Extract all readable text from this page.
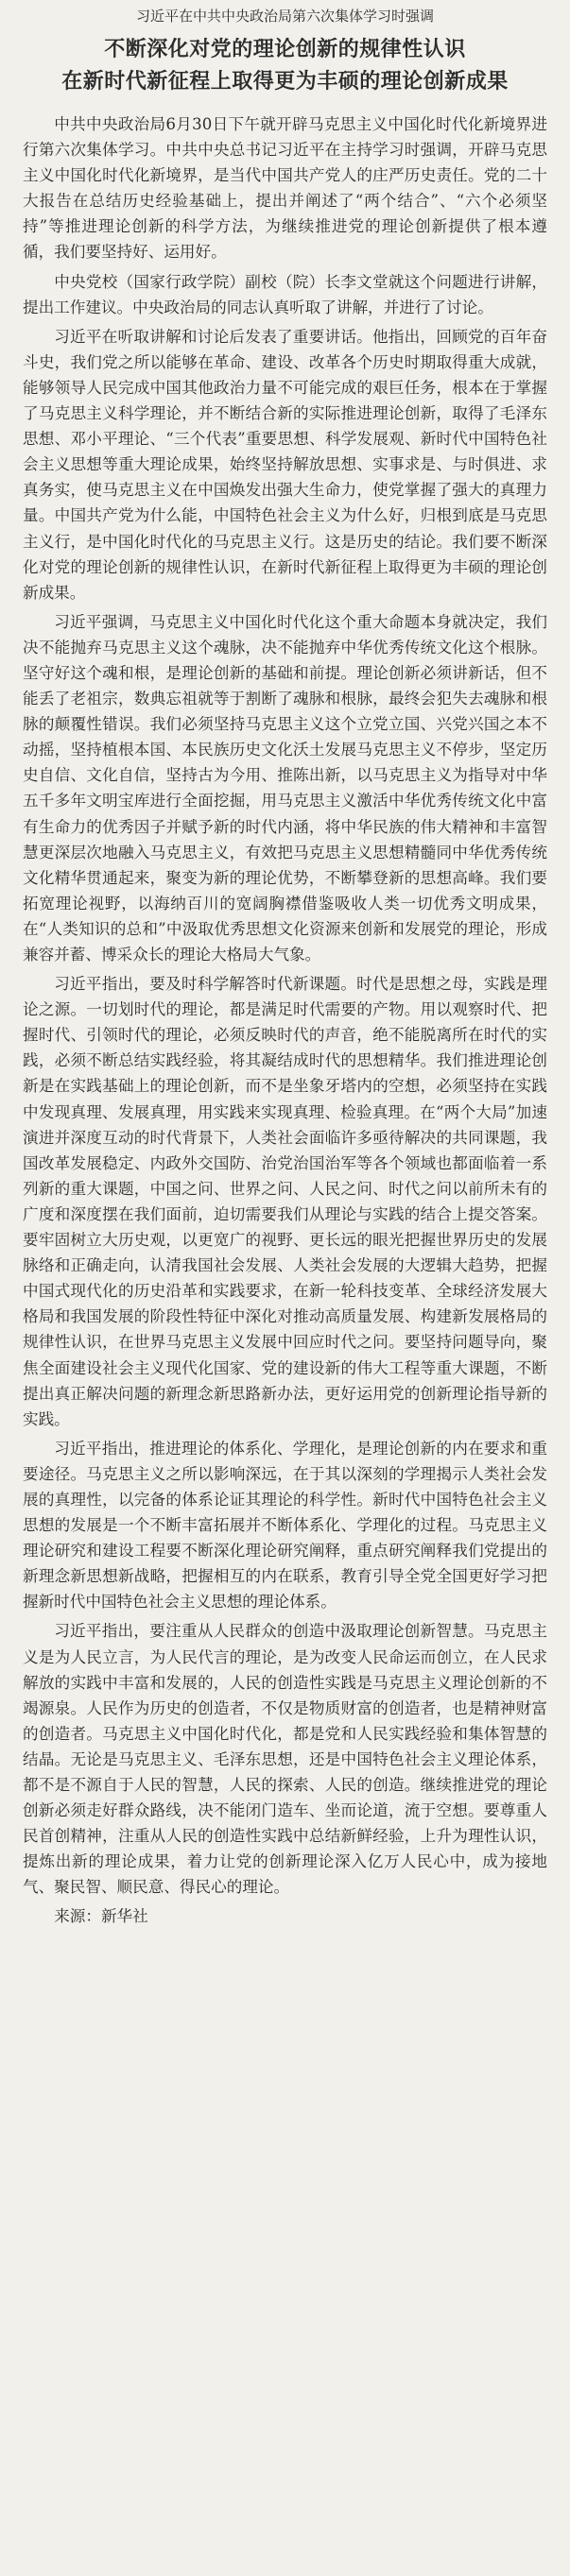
习近平在中共中央政治局第六次集体学习时强调

不断深化对党的理论创新的规律性认识
在新时代新征程上取得更为丰硕的理论创新成果

中共中央政治局6月30日下午就开辟马克思主义中国化时代化新境界进行第六次集体学习。中共中央总书记习近平在主持学习时强调，开辟马克思主义中国化时代化新境界，是当代中国共产党人的庄严历史责任。党的二十大报告在总结历史经验基础上，提出并阐述了“两个结合”、“六个必须坚持”等推进理论创新的科学方法，为继续推进党的理论创新提供了根本遵循，我们要坚持好、运用好。

中央党校（国家行政学院）副校（院）长李文堂就这个问题进行讲解，提出工作建议。中央政治局的同志认真听取了讲解，并进行了讨论。

习近平在听取讲解和讨论后发表了重要讲话。他指出，回顾党的百年奋斗史，我们党之所以能够在革命、建设、改革各个历史时期取得重大成就，能够领导人民完成中国其他政治力量不可能完成的艰巨任务，根本在于掌握了马克思主义科学理论，并不断结合新的实际推进理论创新，取得了毛泽东思想、邓小平理论、“三个代表”重要思想、科学发展观、新时代中国特色社会主义思想等重大理论成果，始终坚持解放思想、实事求是、与时俱进、求真务实，使马克思主义在中国焕发出强大生命力，使党掌握了强大的真理力量。中国共产党为什么能，中国特色社会主义为什么好，归根到底是马克思主义行，是中国化时代化的马克思主义行。这是历史的结论。我们要不断深化对党的理论创新的规律性认识，在新时代新征程上取得更为丰硕的理论创新成果。

习近平强调，马克思主义中国化时代化这个重大命题本身就决定，我们决不能抛弃马克思主义这个魂脉，决不能抛弃中华优秀传统文化这个根脉。坚守好这个魂和根，是理论创新的基础和前提。理论创新必须讲新话，但不能丢了老祖宗，数典忘祖就等于割断了魂脉和根脉，最终会犯失去魂脉和根脉的颠覆性错误。我们必须坚持马克思主义这个立党立国、兴党兴国之本不动摇，坚持植根本国、本民族历史文化沃土发展马克思主义不停步，坚定历史自信、文化自信，坚持古为今用、推陈出新，以马克思主义为指导对中华五千多年文明宝库进行全面挖掘，用马克思主义激活中华优秀传统文化中富有生命力的优秀因子并赋予新的时代内涵，将中华民族的伟大精神和丰富智慧更深层次地融入马克思主义，有效把马克思主义思想精髓同中华优秀传统文化精华贯通起来，聚变为新的理论优势，不断攀登新的思想高峰。我们要拓宽理论视野，以海纳百川的宽阔胸襟借鉴吸收人类一切优秀文明成果，在“人类知识的总和”中汲取优秀思想文化资源来创新和发展党的理论，形成兼容并蓄、博采众长的理论大格局大气象。

习近平指出，要及时科学解答时代新课题。时代是思想之母，实践是理论之源。一切划时代的理论，都是满足时代需要的产物。用以观察时代、把握时代、引领时代的理论，必须反映时代的声音，绝不能脱离所在时代的实践，必须不断总结实践经验，将其凝结成时代的思想精华。我们推进理论创新是在实践基础上的理论创新，而不是坐象牙塔内的空想，必须坚持在实践中发现真理、发展真理，用实践来实现真理、检验真理。在“两个大局”加速演进并深度互动的时代背景下，人类社会面临许多亟待解决的共同课题，我国改革发展稳定、内政外交国防、治党治国治军等各个领域也都面临着一系列新的重大课题，中国之问、世界之问、人民之问、时代之问以前所未有的广度和深度摆在我们面前，迫切需要我们从理论与实践的结合上提交答案。要牢固树立大历史观，以更宽广的视野、更长远的眼光把握世界历史的发展脉络和正确走向，认清我国社会发展、人类社会发展的大逻辑大趋势，把握中国式现代化的历史沿革和实践要求，在新一轮科技变革、全球经济发展大格局和我国发展的阶段性特征中深化对推动高质量发展、构建新发展格局的规律性认识，在世界马克思主义发展中回应时代之问。要坚持问题导向，聚焦全面建设社会主义现代化国家、党的建设新的伟大工程等重大课题，不断提出真正解决问题的新理念新思路新办法，更好运用党的创新理论指导新的实践。

习近平指出，推进理论的体系化、学理化，是理论创新的内在要求和重要途径。马克思主义之所以影响深远，在于其以深刻的学理揭示人类社会发展的真理性，以完备的体系论证其理论的科学性。新时代中国特色社会主义思想的发展是一个不断丰富拓展并不断体系化、学理化的过程。马克思主义理论研究和建设工程要不断深化理论研究阐释，重点研究阐释我们党提出的新理念新思想新战略，把握相互的内在联系，教育引导全党全国更好学习把握新时代中国特色社会主义思想的理论体系。

习近平指出，要注重从人民群众的创造中汲取理论创新智慧。马克思主义是为人民立言，为人民代言的理论，是为改变人民命运而创立，在人民求解放的实践中丰富和发展的，人民的创造性实践是马克思主义理论创新的不竭源泉。人民作为历史的创造者，不仅是物质财富的创造者，也是精神财富的创造者。马克思主义中国化时代化，都是党和人民实践经验和集体智慧的结晶。无论是马克思主义、毛泽东思想，还是中国特色社会主义理论体系，都不是不源自于人民的智慧，人民的探索、人民的创造。继续推进党的理论创新必须走好群众路线，决不能闭门造车、坐而论道，流于空想。要尊重人民首创精神，注重从人民的创造性实践中总结新鲜经验，上升为理性认识，提炼出新的理论成果，着力让党的创新理论深入亿万人民心中，成为接地气、聚民智、顺民意、得民心的理论。

来源：新华社
